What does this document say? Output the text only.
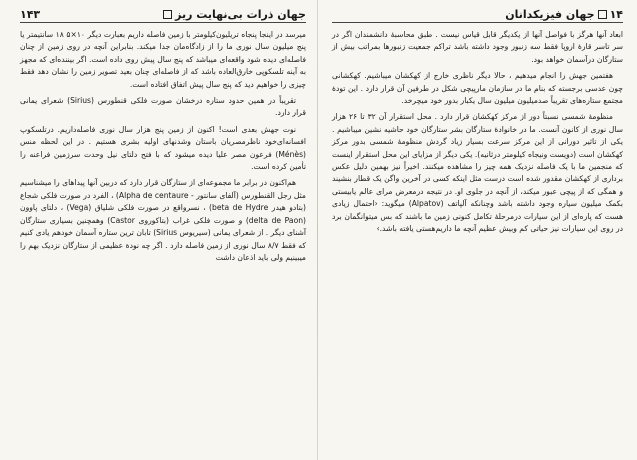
جهان ذرات بی‌نهایت ریز
۱۴۳

میرسد در اینجا پنجاه تریلیون‌کیلومتر با زمین فاصله داریم بعبارت دیگر ۱۰×۵ ۱۸ سانتیمتر یا پنج میلیون سال نوری ما را از زادگاه‌مان جدا میکند. بنابراین آنچه در روی زمین از چنان فاصله‌ای دیده شود واقعه‌ای میباشد که پنج سال پیش روی داده است. اگر بیننده‌ای که مجهز به آینه تلسکوپی خارق‌العاده باشد که از فاصله‌ای چنان بعید تصویر زمین را نشان دهد فقط چیزی را خواهیم دید که پنج سال پیش اتفاق افتاده است.

تقریباً در همین حدود ستاره درخشان صورت فلکی قنطورس (Sirius) شعرای یمانی قرار دارد.

نوت جهش بعدی است! اکنون از زمین پنج هزار سال نوری فاصله‌داریم. درتلسکوپ افسانه‌ای‌خود ناظرمصریان باستان وشدنهای اولیه بشری هستیم . در این لحظه منس (Ménès) فرعون مصر علیا دیده میشود که با فتح دلتای نیل وحدت سرزمین فراعنه را تأمین کرده است.

هم‌اکنون در برابر ما مجموعه‌ای از ستارگان قرار دارد که دربین آنها پیداهای را میشناسیم مثل رجل القنطورس (آلفای سانتور - Alpha de centaure) ، الفرد در صورت فلکی شجاع (بتادو هیدر beta de Hydre) ، نسرواقع در صورت فلکی شلیاق (Vega) ، دلتای پاوون (delta de Paon) و صورت فلکی غراب (بتاکوروی Castor) وهمچنین بسیاری ستارگان آشنای دیگر . از شعرای یمانی (سیریوس Sirius) تابان ترین ستاره آسمان خودهم یادی کنیم که فقط ۸/۷ سال نوری از زمین فاصله دارد . اگر چه نودة عظیمی از ستارگان نزدیک بهم را میبینیم ولی باید اذعان داشت

۱۴
جهان فیزیکدانان

ابعاد آنها هرگز با فواصل آنها از یکدیگر قابل قیاس نیست . طبق محاسبهٔ دانشمندان اگر در سر تاسر قارهٔ اروپا فقط سه زنبور وجود داشته باشد تراکم جمعیت زنبورها بمراتب بیش از ستارگان درآسمان خواهد بود.

هفتمین جهش را انجام میدهیم ، حالا دیگر ناظری خارج از کهکشان میباشیم. کهکشانی چون عدسی برجسته که بنام ما در سازمان مارپیچی شکل در طرفین آن قرار دارد . این تودهٔ مجتمع ستاره‌های تقریباً صدمیلیون میلیون سال یکبار بدور خود میچرخد.

منظومهٔ شمسی نسبتاً دور از مرکز کهکشان قرار دارد . محل استقرار آن ۳۲ تا ۲۶ هزار سال نوری از کانون آنست. ما در خانوادهٔ ستارگان بشر ستارگان خود حاشیه نشین میباشیم . یکی از تاثیر دورانی از این مرکز سرعت بسیار زیاد گردش منظومهٔ شمسی بدور مرکز کهکشان است (دویست ونیجاه کیلومتر درثانیه). یکی دیگر از مزایای این محل استقرار اینست که منجمین ما با یک فاصله نزدیک همه چیز را مشاهده میکنند. اخیراً نیز بهمین دلیل عکس برداری از کهکشان مقدور شده است درست مثل اینکه کسی در آخرین واگن یک قطار بنشیند و همگی که از پیچی عبور میکند، از آنچه در جلوی او. در نتیجه درمعرض مرای عالم یابیستی بکمک میلیون سیاره وجود داشته باشد وچنانکه آلپاتف (Alpatov) میگوید: ‹احتمال زیادی هست که پاره‌ای از این سیارات درمرحلهٔ تکامل کنونی زمین ما باشند که بس میتوانگمان برد در روی این سیارات نیز حیاتی کم وبیش عظیم آنچه ما داریم‌هستی یافته باشد.›
